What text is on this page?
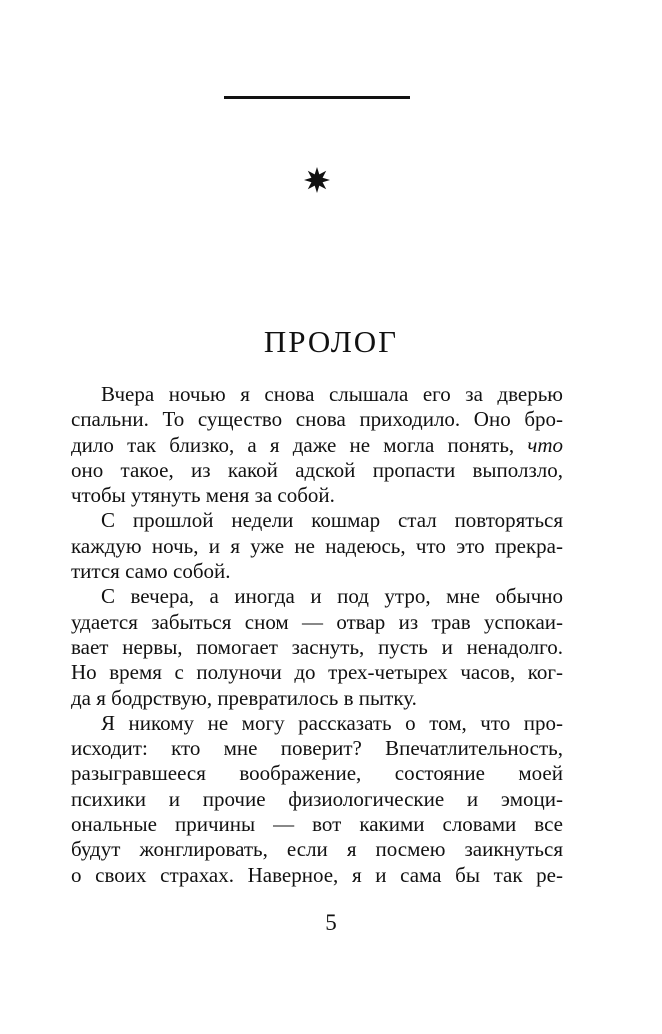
ПРОЛОГ
Вчера ночью я снова слышала его за дверью
спальни. То существо снова приходило. Оно бро-
дило так близко, а я даже не могла понять, что
оно такое, из какой адской пропасти выползло,
чтобы утянуть меня за собой.
С прошлой недели кошмар стал повторяться
каждую ночь, и я уже не надеюсь, что это прекра-
тится само собой.
С вечера, а иногда и под утро, мне обычно
удается забыться сном — отвар из трав успокаи-
вает нервы, помогает заснуть, пусть и ненадолго.
Но время с полуночи до трех-четырех часов, ког-
да я бодрствую, превратилось в пытку.
Я никому не могу рассказать о том, что про-
исходит: кто мне поверит? Впечатлительность,
разыгравшееся воображение, состояние моей
психики и прочие физиологические и эмоци-
ональные причины — вот какими словами все
будут жонглировать, если я посмею заикнуться
о своих страхах. Наверное, я и сама бы так ре-
5
